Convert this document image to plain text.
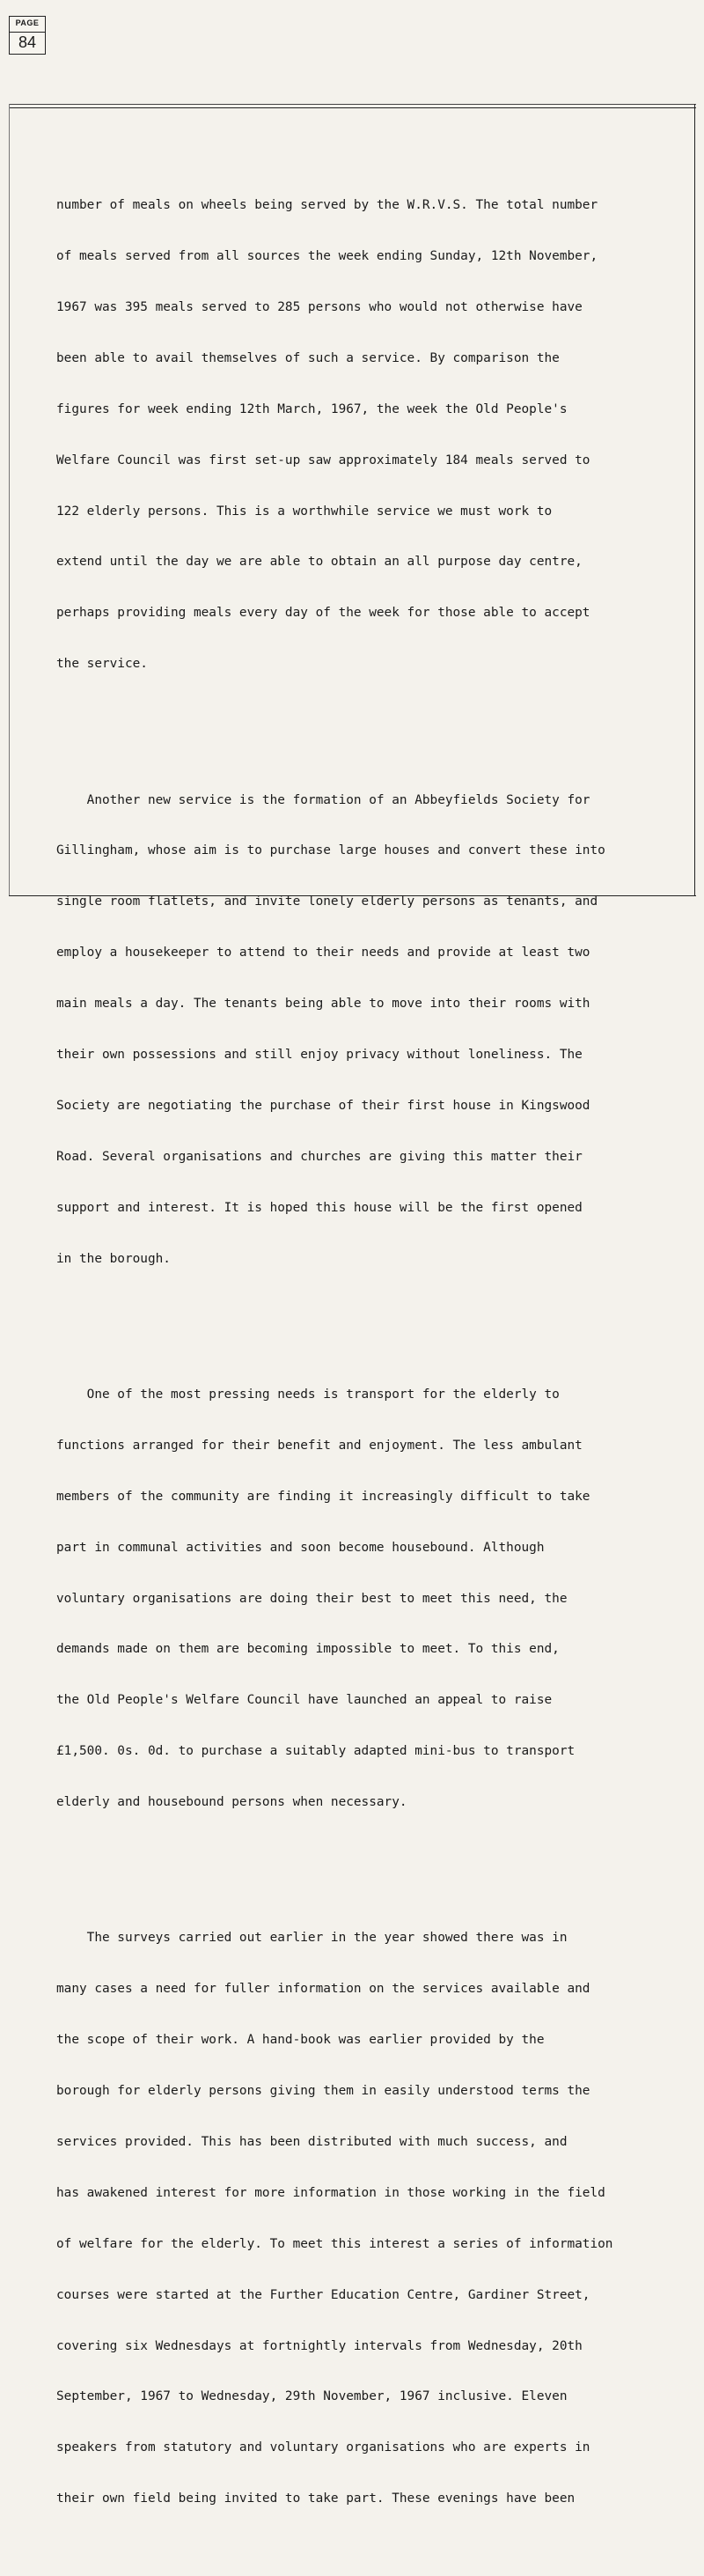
PAGE
84

number of meals on wheels being served by the W.R.V.S. The total number

of meals served from all sources the week ending Sunday, 12th November,

1967 was 395 meals served to 285 persons who would not otherwise have

been able to avail themselves of such a service. By comparison the

figures for week ending 12th March, 1967, the week the Old People's

Welfare Council was first set-up saw approximately 184 meals served to

122 elderly persons. This is a worthwhile service we must work to

extend until the day we are able to obtain an all purpose day centre,

perhaps providing meals every day of the week for those able to accept

the service.

Another new service is the formation of an Abbeyfields Society for

Gillingham, whose aim is to purchase large houses and convert these into

single room flatlets, and invite lonely elderly persons as tenants, and

employ a housekeeper to attend to their needs and provide at least two

main meals a day. The tenants being able to move into their rooms with

their own possessions and still enjoy privacy without loneliness. The

Society are negotiating the purchase of their first house in Kingswood

Road. Several organisations and churches are giving this matter their

support and interest. It is hoped this house will be the first opened

in the borough.

One of the most pressing needs is transport for the elderly to

functions arranged for their benefit and enjoyment. The less ambulant

members of the community are finding it increasingly difficult to take

part in communal activities and soon become housebound. Although

voluntary organisations are doing their best to meet this need, the

demands made on them are becoming impossible to meet. To this end,

the Old People's Welfare Council have launched an appeal to raise

£1,500. 0s. 0d. to purchase a suitably adapted mini-bus to transport

elderly and housebound persons when necessary.

The surveys carried out earlier in the year showed there was in

many cases a need for fuller information on the services available and

the scope of their work. A hand-book was earlier provided by the

borough for elderly persons giving them in easily understood terms the

services provided. This has been distributed with much success, and

has awakened interest for more information in those working in the field

of welfare for the elderly. To meet this interest a series of information

courses were started at the Further Education Centre, Gardiner Street,

covering six Wednesdays at fortnightly intervals from Wednesday, 20th

September, 1967 to Wednesday, 29th November, 1967 inclusive. Eleven

speakers from statutory and voluntary organisations who are experts in

their own field being invited to take part. These evenings have been
